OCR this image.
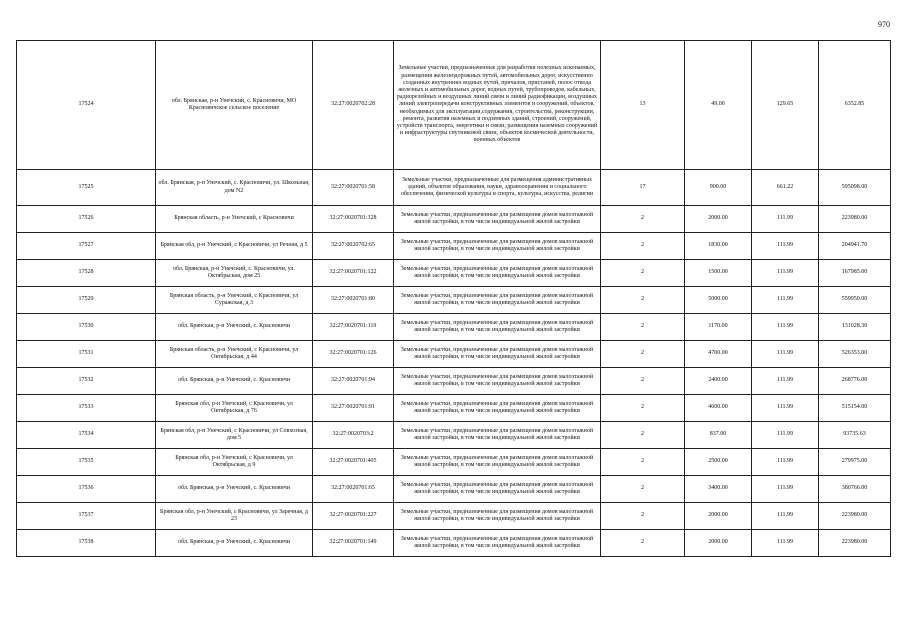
970
17524	обл. Брянская, р-н Унечский, с. Красновичи, МО Красновичское сельское поселение	32:27:0020702:28	Земельные участки, предназначенные для разработки полезных ископаемых, размещения железнодорожных путей, автомобильных дорог, искусственно созданных внутренних водных путей, причалов, пристаней, полос отвода железных и автомобильных дорог, водных путей, трубопроводов, кабельных, радиорелейных и воздушных линий связи и линий радиофикации, воздушных линий электропередачи конструктивных элементов и сооружений, объектов, необходимых для эксплуатации,содержания, строительства, реконструкции, ремонта, развития наземных и подземных зданий, строений, сооружений, устройств транспорта, энергетики и связи; размещения наземных сооружений и инфраструктуры спутниковой связи, объектов космической деятельности, военных объектов	13	49.00	129.65	6352.85
17525	обл. Брянская, р-н Унечский, с. Красновичи, ул. Школьная, дом N2	32:27:0020701:58	Земельные участки, предназначенные для размещения административных зданий, объектов образования, науки, здравоохранения и социального обеспечения, физической культуры и спорта, культуры, искусства, религии	17	900.00	661.22	595098.00
17526	Брянская область, р-н Унечский, с Красновичи	32:27:0020701:328	Земельные участки, предназначенные для размещения домов малоэтажной жилой застройки, в том числе индивидуальной жилой застройки	2	2000.00	111.99	223980.00
17527	Брянская обл, р-н Унечский, с Красновичи, ул Речная, д 5	32:27:0020702:65	Земельные участки, предназначенные для размещения домов малоэтажной жилой застройки, в том числе индивидуальной жилой застройки	2	1830.00	111.99	204941.70
17528	обл. Брянская, р-н Унечский, с. Красновичи, ул. Октябрьская, дом 25	32:27:0020701:122	Земельные участки, предназначенные для размещения домов малоэтажной жилой застройки, в том числе индивидуальной жилой застройки	2	1500.00	111.99	167985.00
17529	Брянская область, р-н Унечский, с Красновичи, ул Суражская, д 3	32:27:0020701:80	Земельные участки, предназначенные для размещения домов малоэтажной жилой застройки, в том числе индивидуальной жилой застройки	2	5000.00	111.99	559950.00
17530	обл. Брянская, р-н Унечский, с. Красновичи	32:27:0020701:119	Земельные участки, предназначенные для размещения домов малоэтажной жилой застройки, в том числе индивидуальной жилой застройки	2	1170.00	111.99	131028.30
17531	Брянская область, р-н Унечский, с Красновичи, ул Октябрьская, д 44	32:27:0020701:126	Земельные участки, предназначенные для размещения домов малоэтажной жилой застройки, в том числе индивидуальной жилой застройки	2	4700.00	111.99	526353.00
17532	обл. Брянская, р-н Унечский, с. Красновичи	32:27:0020701:94	Земельные участки, предназначенные для размещения домов малоэтажной жилой застройки, в том числе индивидуальной жилой застройки	2	2400.00	111.99	268776.00
17533	Брянская обл, р-н Унечский, с Красновичи, ул Октябрьская, д 76	32:27:0020701:91	Земельные участки, предназначенные для размещения домов малоэтажной жилой застройки, в том числе индивидуальной жилой застройки	2	4600.00	111.99	515154.00
17534	Брянская обл, р-н Унечский, с Красновичи, ул Совхозная, дом 5	32:27:0020703:2	Земельные участки, предназначенные для размещения домов малоэтажной жилой застройки, в том числе индивидуальной жилой застройки	2	837.00	111.99	93735.63
17535	Брянская обл, р-н Унечский, с Красновичи, ул Октябрьская, д 9	32:27:0020701:405	Земельные участки, предназначенные для размещения домов малоэтажной жилой застройки, в том числе индивидуальной жилой застройки	2	2500.00	111.99	279975.00
17536	обл. Брянская, р-н Унечский, с. Красновичи	32:27:0020701:65	Земельные участки, предназначенные для размещения домов малоэтажной жилой застройки, в том числе индивидуальной жилой застройки	2	3400.00	111.99	380766.00
17537	Брянская обл, р-н Унечский, с Красновичи, ул Заречная, д 23	32:27:0020701:227	Земельные участки, предназначенные для размещения домов малоэтажной жилой застройки, в том числе индивидуальной жилой застройки	2	2000.00	111.99	223980.00
17538	обл. Брянская, р-н Унечский, с. Красновичи	32:27:0020701:149	Земельные участки, предназначенные для размещения домов малоэтажной жилой застройки, в том числе индивидуальной жилой застройки	2	2000.00	111.99	223980.00
